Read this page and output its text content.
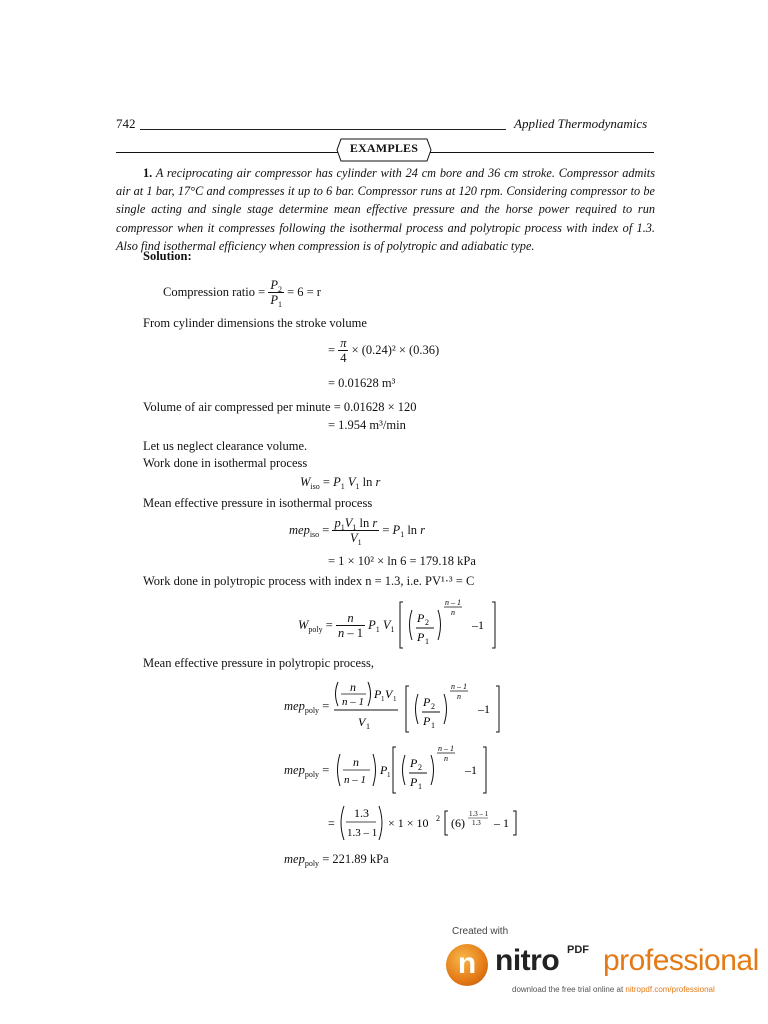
742	Applied Thermodynamics
EXAMPLES
1. A reciprocating air compressor has cylinder with 24 cm bore and 36 cm stroke. Compressor admits air at 1 bar, 17°C and compresses it up to 6 bar. Compressor runs at 120 rpm. Considering compressor to be single acting and single stage determine mean effective pressure and the horse power required to run compressor when it compresses following the isothermal process and polytropic process with index of 1.3. Also find isothermal efficiency when compression is of polytropic and adiabatic type.
Solution:
Compression ratio = $\frac{P_2}{P_1} = 6 = r$
From cylinder dimensions the stroke volume
= $\frac{\pi}{4} \times (0.24)^2 \times (0.36)$
= 0.01628 m³
Volume of air compressed per minute = 0.01628 × 120
= 1.954 m³/min
Let us neglect clearance volume.
Work done in isothermal process
$W_{iso} = P_1$ $V_1$ ln r
Mean effective pressure in isothermal process
$mep_{iso} = \frac{p_1V_1 \ln r}{V_1} = P_1$ ln r
= 1 × 10² × ln 6 = 179.18 kPa
Work done in polytropic process with index n = 1.3, i.e. PV¹·³ = C
$W_{poly} = \frac{n}{n - 1} P_1$ $V_1$
P 2
P 1
n – 1
n
–1
Mean effective pressure in polytropic process,
mep$_{poly}$ =
n
n – 1
P 1 V 1
V 1
P 2
P 1
n – 1
n
–1
mep$_{poly}$ =
n
n – 1
P 1
P 2
P 1
n – 1
n
–1
=
1.3
1.3 – 1
× 1 × 10 2 (6)
1.3 – 1
1.3 – 1
mep$_{poly}$ = 221.89 kPa
Created with
n nitro PDF professional
download the free trial online at nitropdf.com/professional
